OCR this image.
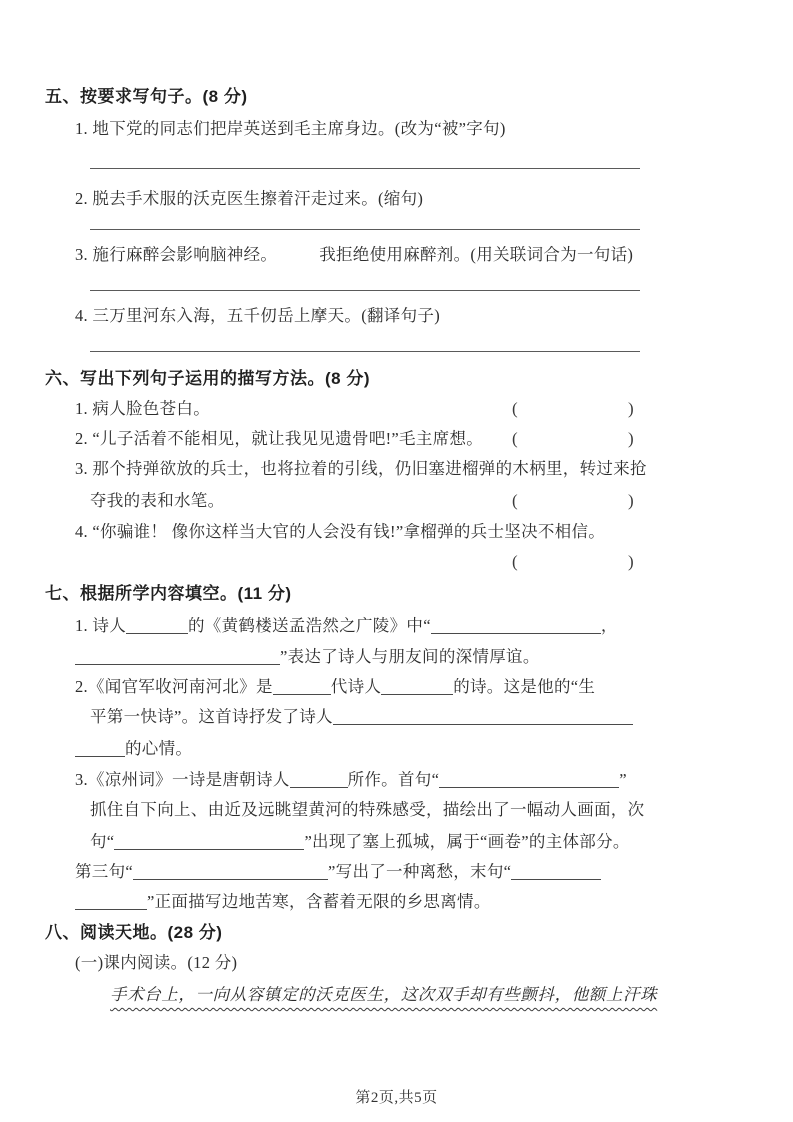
五、按要求写句子。(8 分)
1. 地下党的同志们把岸英送到毛主席身边。(改为“被”字句)
2. 脱去手术服的沃克医生擦着汗走过来。(缩句)
3. 施行麻醉会影响脑神经。	我拒绝使用麻醉剂。(用关联词合为一句话)
4. 三万里河东入海，五千仞岳上摩天。(翻译句子)
六、写出下列句子运用的描写方法。(8 分)
1. 病人脸色苍白。	(	)
2. “儿子活着不能相见，就让我见见遗骨吧!”毛主席想。 (	)
3. 那个持弹欲放的兵士，也将拉着的引线，仍旧塞进榴弹的木柄里，转过来抢
夺我的表和水笔。	(	)
4. “你骗谁！ 像你这样当大官的人会没有钱!”拿榴弹的兵士坚决不相信。
(	)
七、根据所学内容填空。(11 分)
1. 诗人	的《黄鹤楼送孟浩然之广陵》中“	，
”表达了诗人与朋友间的深情厚谊。
2.《闻官军收河南河北》是	代诗人	的诗。这是他的“生
平第一快诗”。这首诗抒发了诗人
的心情。
3.《凉州词》一诗是唐朝诗人	所作。首句“	”
抓住自下向上、由近及远眺望黄河的特殊感受，描绘出了一幅动人画面，次
句“	”出现了塞上孤城，属于“画卷”的主体部分。
第三句“	”写出了一种离愁，末句“
”正面描写边地苦寒，含蓄着无限的乡思离情。
八、阅读天地。(28 分)
(一)课内阅读。(12 分)
手术台上，一向从容镇定的沃克医生，这次双手却有些颤抖，他额上汗珠
第2页,共5页
